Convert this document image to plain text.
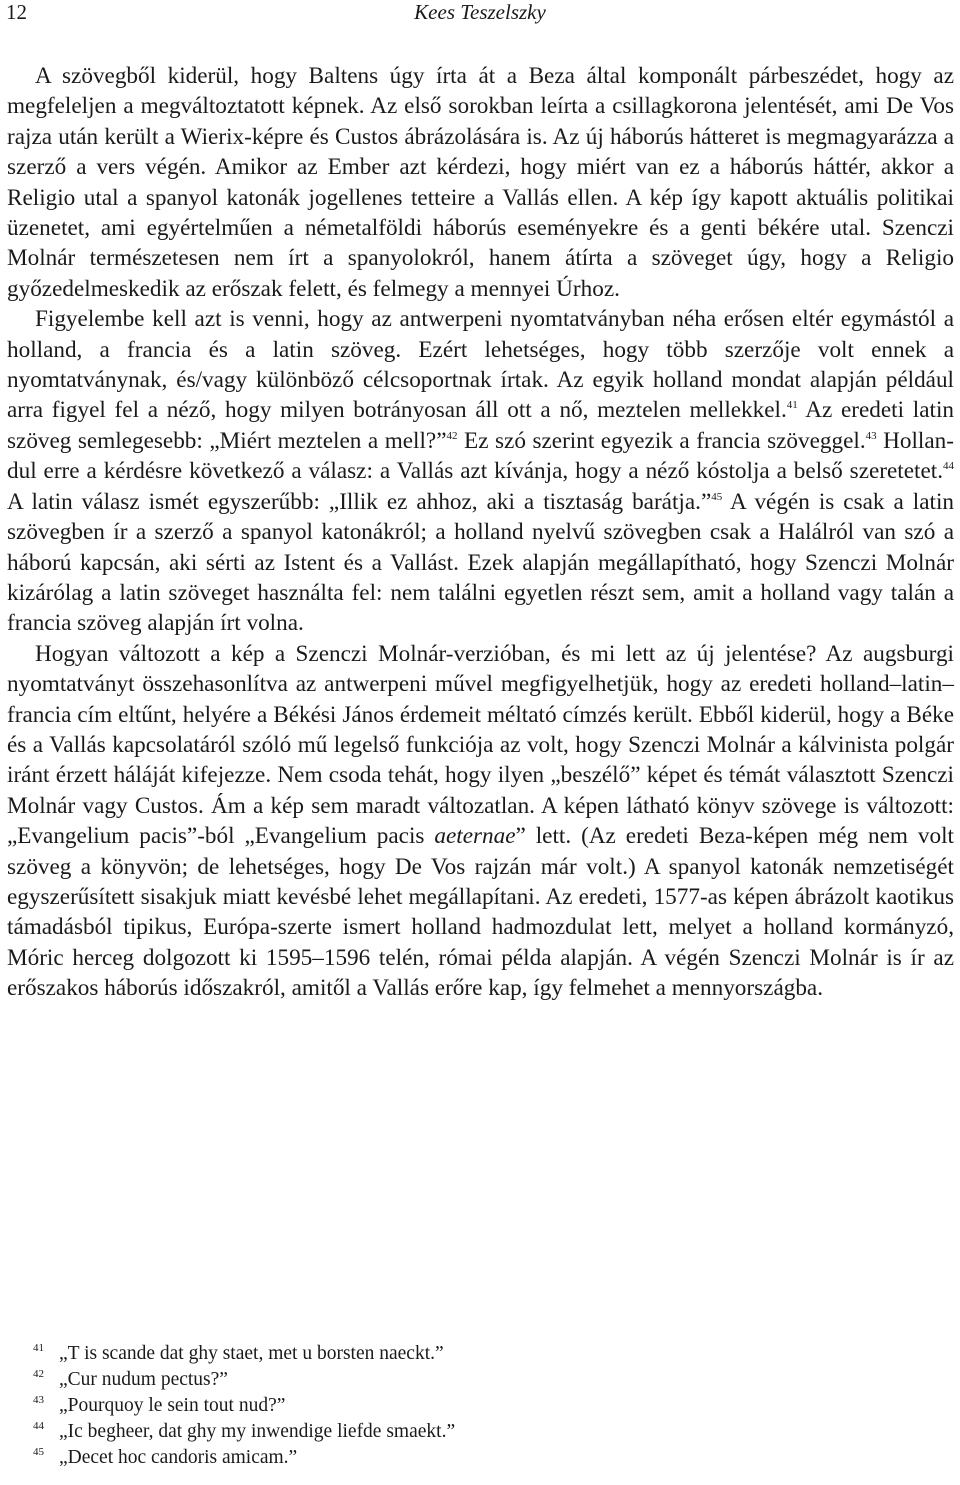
12	Kees Teszelszky

A szövegből kiderül, hogy Baltens úgy írta át a Beza által komponált párbeszédet, hogy az megfeleljen a megváltoztatott képnek. Az első sorokban leírta a csillagkorona jelentését, ami De Vos rajza után került a Wierix-képre és Custos ábrázolására is. Az új háborús hátteret is megmagyarázza a szerző a vers végén. Amikor az Ember azt kérdezi, hogy miért van ez a háborús háttér, akkor a Religio utal a spanyol katonák jogellenes tetteire a Vallás ellen. A kép így kapott aktuális politikai üzenetet, ami egyértelműen a németalföldi háborús eseményekre és a genti békére utal. Szenczi Molnár természetesen nem írt a spanyolokról, hanem átírta a szöveget úgy, hogy a Religio győzedelmeskedik az erőszak felett, és felmegy a mennyei Úrhoz.

Figyelembe kell azt is venni, hogy az antwerpeni nyomtatványban néha erősen eltér egymástól a holland, a francia és a latin szöveg. Ezért lehetséges, hogy több szerzője volt ennek a nyomtatványnak, és/vagy különböző célcsoportnak írtak. Az egyik holland mondat alapján például arra figyel fel a néző, hogy milyen botrányosan áll ott a nő, meztelen mellekkel.$^{41}$ Az eredeti latin szöveg semlegesebb: „Miért meztelen a mell?”$^{42}$ Ez szó szerint egyezik a francia szöveggel.$^{43}$ Hollandul erre a kérdésre következő a válasz: a Vallás azt kívánja, hogy a néző kóstolja a belső szeretetet.$^{44}$ A latin válasz ismét egyszerűbb: „Illik ez ahhoz, aki a tisztaság barátja.”$^{45}$ A végén is csak a latin szövegben ír a szerző a spanyol katonákról; a holland nyelvű szövegben csak a Halálról van szó a háború kapcsán, aki sérti az Istent és a Vallást. Ezek alapján megállapítható, hogy Szenczi Molnár kizárólag a latin szöveget használta fel: nem találni egyetlen részt sem, amit a holland vagy talán a francia szöveg alapján írt volna.

Hogyan változott a kép a Szenczi Molnár-verzióban, és mi lett az új jelentése? Az augsburgi nyomtatványt összehasonlítva az antwerpeni művel megfigyelhetjük, hogy az eredeti holland–latin–francia cím eltűnt, helyére a Békési János érdemeit méltató címzés került. Ebből kiderül, hogy a Béke és a Vallás kapcsolatáról szóló mű legelső funkciója az volt, hogy Szenczi Molnár a kálvinista polgár iránt érzett háláját kifejezze. Nem csoda tehát, hogy ilyen „beszélő” képet és témát választott Szenczi Molnár vagy Custos. Ám a kép sem maradt változatlan. A képen látható könyv szövege is változott: „Evangelium pacis”-ból „Evangelium pacis aeternae” lett. (Az eredeti Beza-képen még nem volt szöveg a könyvön; de lehetséges, hogy De Vos rajzán már volt.) A spanyol katonák nemzetiségét egyszerűsített sisakjuk miatt kevésbé lehet megállapítani. Az eredeti, 1577-as képen ábrázolt kaotikus támadásból tipikus, Európa-szerte ismert holland hadmozdulat lett, melyet a holland kormányzó, Móric herceg dolgozott ki 1595–1596 telén, római példa alapján. A végén Szenczi Molnár is ír az erőszakos háborús időszakról, amitől a Vallás erőre kap, így felmehet a mennyországba.

41 „T is scande dat ghy staet, met u borsten naeckt.”
42 „Cur nudum pectus?”
43 „Pourquoy le sein tout nud?”
44 „Ic begheer, dat ghy my inwendige liefde smaekt.”
45 „Decet hoc candoris amicam.”
